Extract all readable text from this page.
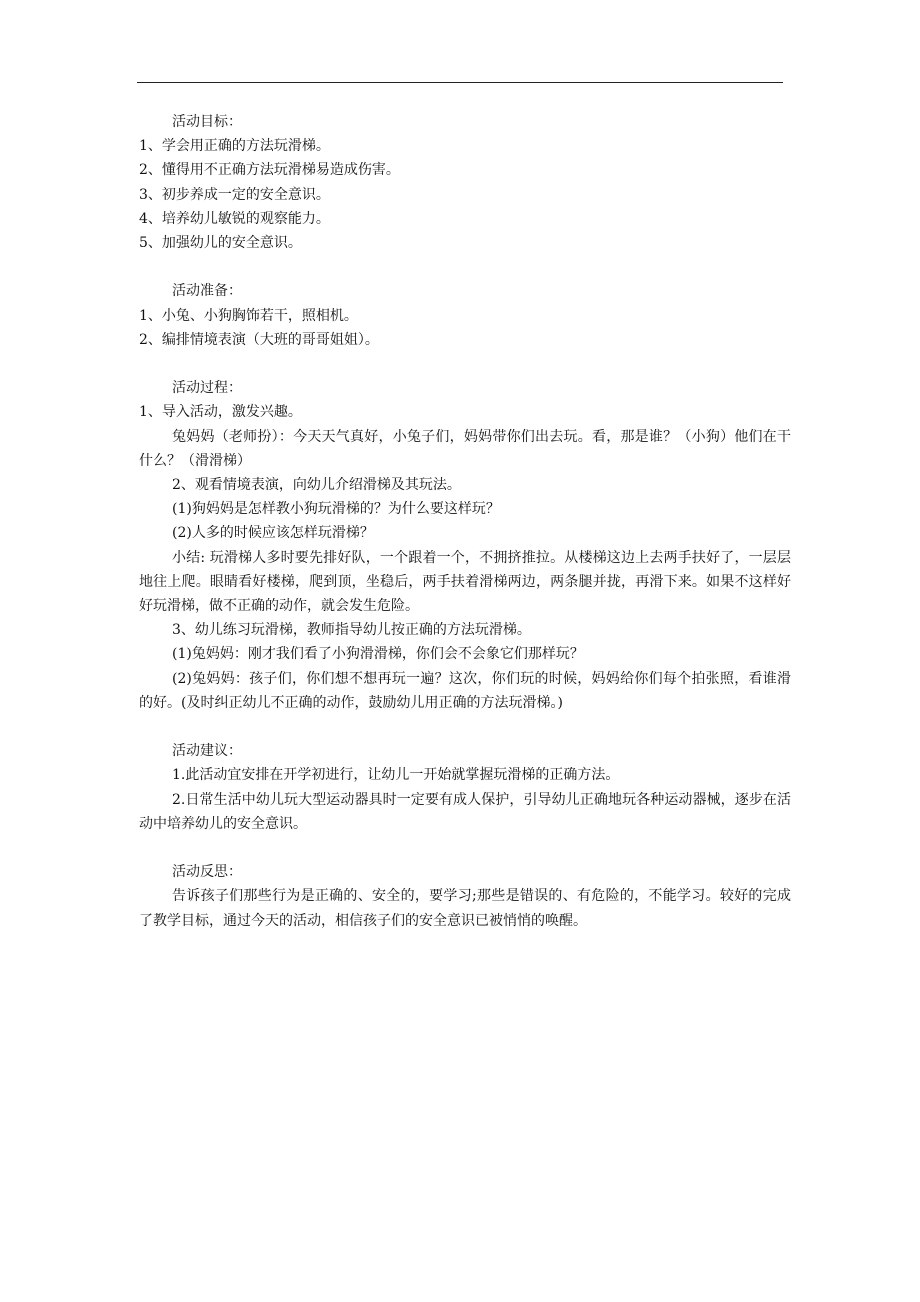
活动目标：
1、学会用正确的方法玩滑梯。
2、懂得用不正确方法玩滑梯易造成伤害。
3、初步养成一定的安全意识。
4、培养幼儿敏锐的观察能力。
5、加强幼儿的安全意识。
活动准备：
1、小兔、小狗胸饰若干，照相机。
2、编排情境表演（大班的哥哥姐姐）。
活动过程：
1、导入活动，激发兴趣。
兔妈妈（老师扮）：今天天气真好，小兔子们，妈妈带你们出去玩。看，那是谁？（小狗）他们在干什么？（滑滑梯）
2、观看情境表演，向幼儿介绍滑梯及其玩法。
(1)狗妈妈是怎样教小狗玩滑梯的？为什么要这样玩？
(2)人多的时候应该怎样玩滑梯？
小结: 玩滑梯人多时要先排好队，一个跟着一个，不拥挤推拉。从楼梯这边上去两手扶好了，一层层地往上爬。眼睛看好楼梯，爬到顶，坐稳后，两手扶着滑梯两边，两条腿并拢，再滑下来。如果不这样好好玩滑梯，做不正确的动作，就会发生危险。
3、幼儿练习玩滑梯，教师指导幼儿按正确的方法玩滑梯。
(1)兔妈妈：刚才我们看了小狗滑滑梯，你们会不会象它们那样玩？
(2)兔妈妈：孩子们，你们想不想再玩一遍？这次，你们玩的时候，妈妈给你们每个拍张照，看谁滑的好。(及时纠正幼儿不正确的动作，鼓励幼儿用正确的方法玩滑梯。)
活动建议：
1.此活动宜安排在开学初进行，让幼儿一开始就掌握玩滑梯的正确方法。
2.日常生活中幼儿玩大型运动器具时一定要有成人保护，引导幼儿正确地玩各种运动器械，逐步在活动中培养幼儿的安全意识。
活动反思：
告诉孩子们那些行为是正确的、安全的，要学习;那些是错误的、有危险的，不能学习。较好的完成了教学目标，通过今天的活动，相信孩子们的安全意识已被悄悄的唤醒。
